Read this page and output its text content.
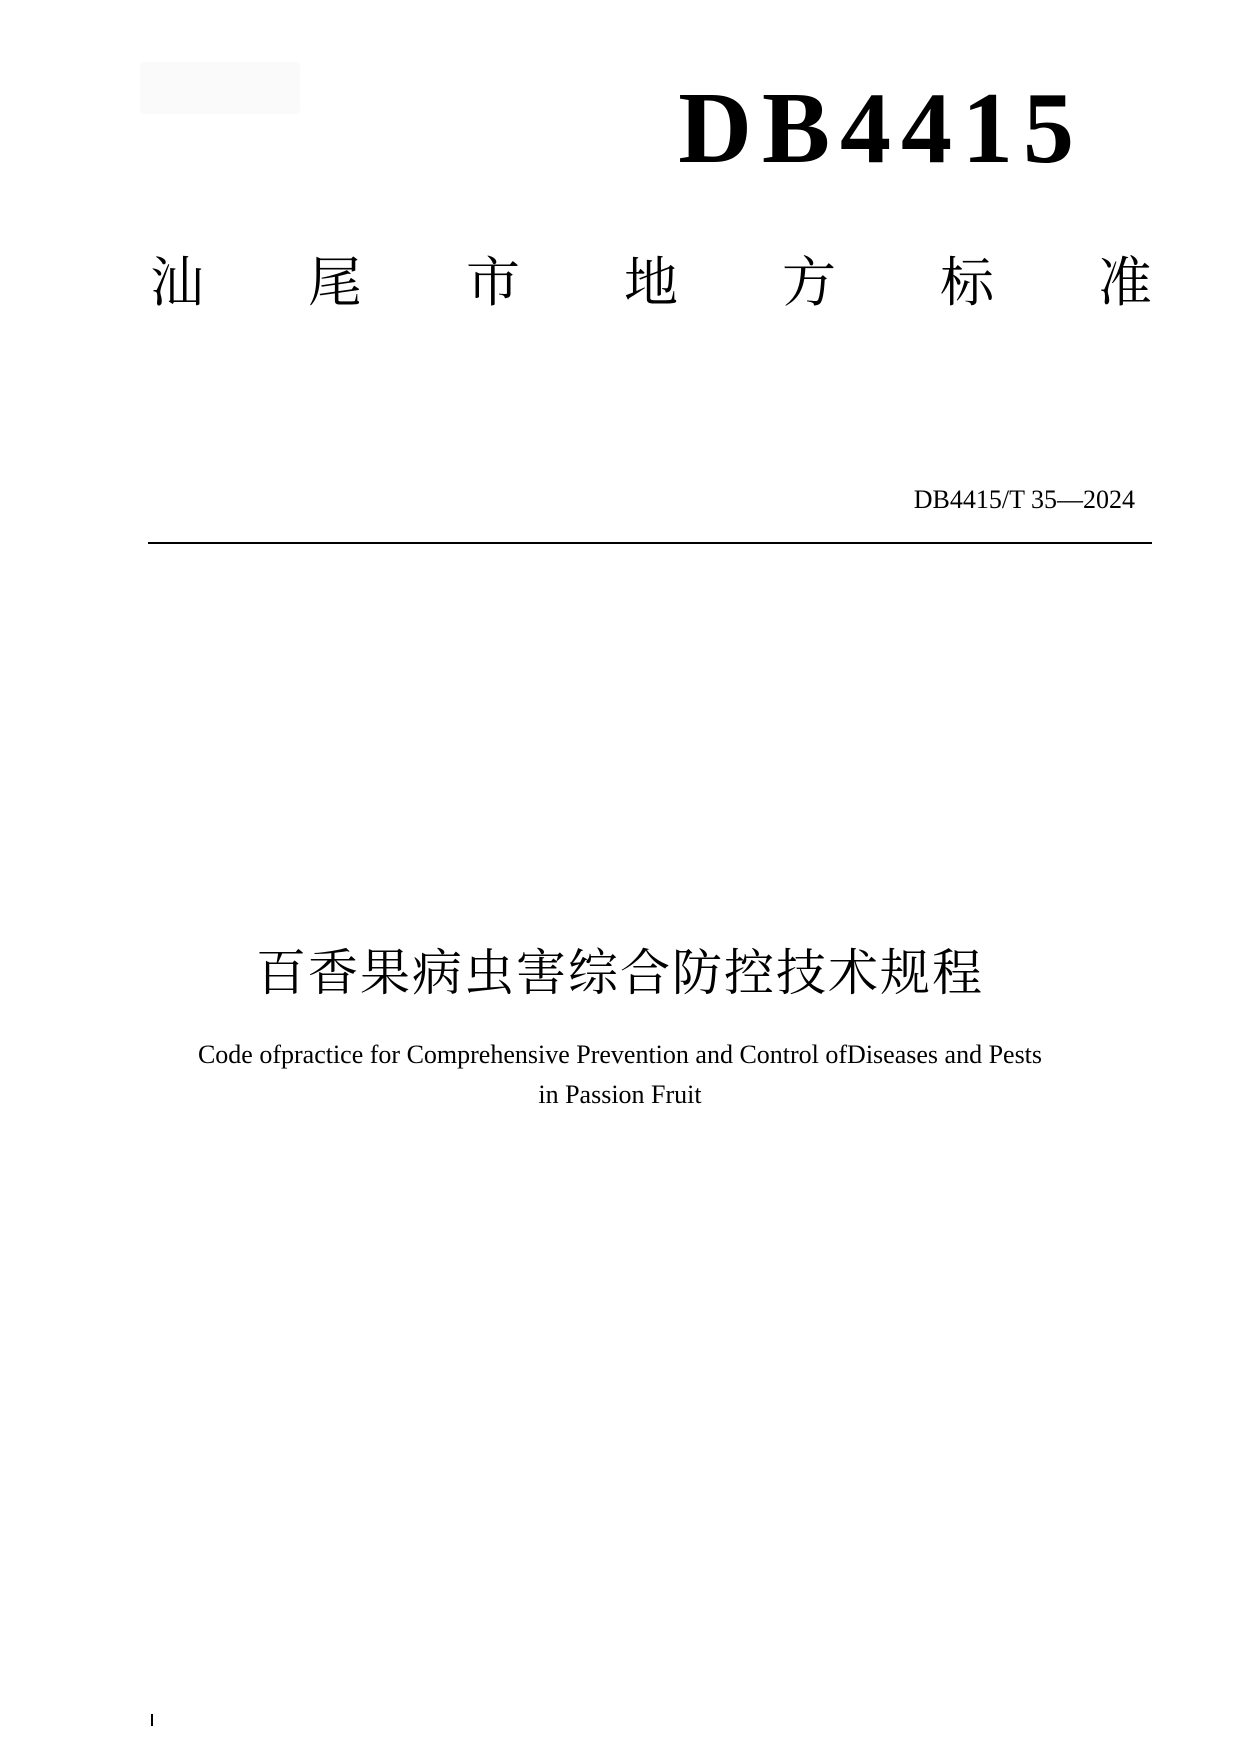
DB4415
汕 尾 市 地 方 标 准
DB4415/T 35—2024
百香果病虫害综合防控技术规程
Code ofpractice for Comprehensive Prevention and Control ofDiseases and Pests
in Passion Fruit
